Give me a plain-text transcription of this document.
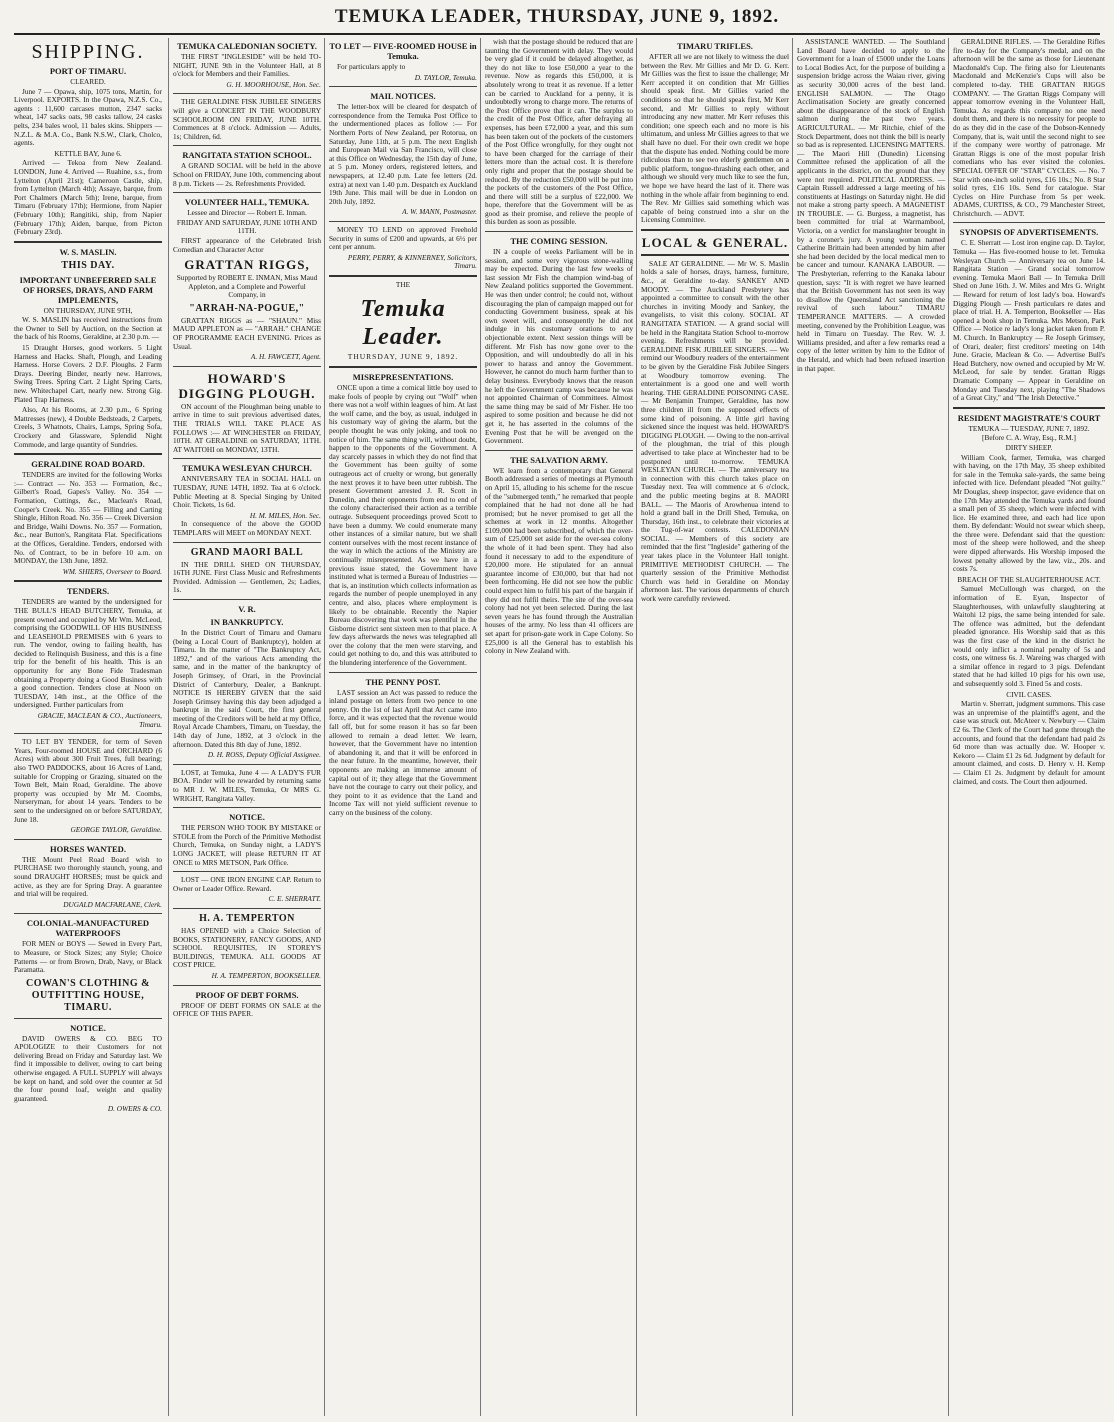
TEMUKA LEADER, THURSDAY, JUNE 9, 1892.
SHIPPING.
PORT OF TIMARU.
CLEARED.

June 7 — Opawa, ship, 1075 tons, Martin, for Liverpool. EXPORTS. In the Opawa, N.Z.S. Co., agents : 11,600 carcases mutton, 2347 sacks wheat, 147 sacks oats, 98 casks tallow, 24 casks pelts, 234 bales wool, 11 bales skins. Shippers — N.Z.L. & M.A. Co., Bank N.S.W., Clark, Cholco, agents.

KETTLE BAY, June 6.

Arrived — Tekoa from New Zealand. LONDON, June 4. Arrived — Ruahine, s.s., from Lyttelton (April 21st); Cameroon Castle, ship, from Lyttelton (March 4th); Assaye, barque, from Port Chalmers (March 5th); Irene, barque, from Timaru (February 17th); Hermione, from Napier (February 10th); Rangitiki, ship, from Napier (February 17th); Aiden, barque, from Picton (February 23rd).

W. S. MASLIN.
THIS DAY.
IMPORTANT UNBEFERRED SALE OF HORSES, DRAYS, AND FARM IMPLEMENTS,
ON THURSDAY, JUNE 9TH,

W. S. MASLIN has received instructions from the Owner to Sell by Auction, on the Section at the back of his Rooms, Geraldine, at 2.30 p.m. —

15 Draught Horses, good workers. 5 Light Harness and Hacks. Shaft, Plough, and Leading Harness. Horse Covers. 2 D.F. Ploughs. 2 Farm Drays. Deering Binder, nearly new. Harrows, Swing Trees. Spring Cart. 2 Light Spring Carts, new. Whitechapel Cart, nearly new. Strong Gig. Plated Trap Harness.

Also, At his Rooms, at 2.30 p.m., 6 Spring Mattresses (new), 4 Double Bedsteads, 2 Carpets, Creels, 3 Whatnots, Chairs, Lamps, Spring Sofa, Crockery and Glassware, Splendid Night Commode, and large quantity of Sundries.

GERALDINE ROAD BOARD.

TENDERS are invited for the following Works :— Contract — No. 353 — Formation, &c., Gilbert's Road, Gapes's Valley. No. 354 — Formation, Cuttings, &c., Maclean's Road, Cooper's Creek. No. 355 — Filling and Carting Shingle, Hilton Road. No. 356 — Creek Diversion and Bridge, Waihi Downs. No. 357 — Formation, &c., near Button's, Rangitata Flat. Specifications at the Offices, Geraldine. Tenders, endorsed with No. of Contract, to be in before 10 a.m. on MONDAY, the 13th June, 1892.

WM. SHIERS, Overseer to Board.
TENDERS.

TENDERS are wanted by the undersigned for THE BULL'S HEAD BUTCHERY, Temuka, at present owned and occupied by Mr Wm. McLeod, comprising the GOODWILL OF HIS BUSINESS and LEASEHOLD PREMISES with 6 years to run. The vendor, owing to failing health, has decided to Relinquish Business, and this is a fine trip for the benefit of his health. This is an opportunity for any Bone Fide Tradesman obtaining a Property doing a Good Business with a good connection. Tenders close at Noon on TUESDAY, 14th inst., at the Office of the undersigned. Further particulars from

GRACIE, MACLEAN & CO., Auctioneers, Timaru.

TO LET BY TENDER, for term of Seven Years, Four-roomed HOUSE and ORCHARD (6 Acres) with about 300 Fruit Trees, full bearing; also TWO PADDOCKS, about 16 Acres of Land, suitable for Cropping or Grazing, situated on the Town Belt, Main Road, Geraldine. The above property was occupied by Mr M. Coombs, Nurseryman, for about 14 years. Tenders to be sent to the undersigned on or before SATURDAY, June 18.

GEORGE TAYLOR, Geraldine.
HORSES WANTED.

THE Mount Peel Road Board wish to PURCHASE two thoroughly staunch, young, and sound DRAUGHT HORSES; must be quick and active, as they are for Spring Dray. A guarantee and trial will be required.

DUGALD MACFARLANE, Clerk.
COLONIAL-MANUFACTURED WATERPROOFS

FOR MEN or BOYS — Sewed in Every Part, to Measure, or Stock Sizes; any Style; Choice Patterns — or from Brown, Drab, Navy, or Black Paramatta.

COWAN'S CLOTHING & OUTFITTING HOUSE, TIMARU.
NOTICE.

DAVID OWERS & CO. BEG TO APOLOGIZE to their Customers for not delivering Bread on Friday and Saturday last. We find it impossible to deliver, owing to cart being otherwise engaged. A FULL SUPPLY will always be kept on hand, and sold over the counter at 5d the four pound loaf, weight and quality guaranteed.

D. OWERS & CO.
TEMUKA CALEDONIAN SOCIETY.

THE FIRST "INGLESIDE" will be held TO-NIGHT, JUNE 9th in the Volunteer Hall, at 8 o'clock for Members and their Families.

G. H. MOORHOUSE, Hon. Sec.

THE GERALDINE FISK JUBILEE SINGERS will give a CONCERT IN THE WOODBURY SCHOOLROOM ON FRIDAY, JUNE 10TH. Commences at 8 o'clock. Admission — Adults, 1s; Children, 6d.

RANGITATA STATION SCHOOL.

A GRAND SOCIAL will be held in the above School on FRIDAY, June 10th, commencing about 8 p.m. Tickets — 2s. Refreshments Provided.

VOLUNTEER HALL, TEMUKA.
Lessee and Director — Robert E. Inman.
FRIDAY AND SATURDAY, JUNE 10TH AND 11TH.

FIRST appearance of the Celebrated Irish Comedian and Character Actor

GRATTAN RIGGS,
Supported by ROBERT E. INMAN, Miss Maud Appleton, and a Complete and Powerful Company, in
"ARRAH-NA-POGUE,"

GRATTAN RIGGS as — "SHAUN." Miss MAUD APPLETON as — "ARRAH." CHANGE OF PROGRAMME EACH EVENING. Prices as Usual.

A. H. FAWCETT, Agent.
HOWARD'S DIGGING PLOUGH.

ON account of the Ploughman being unable to arrive in time to suit previous advertised dates, THE TRIALS WILL TAKE PLACE AS FOLLOWS :— AT WINCHESTER on FRIDAY, 10TH. AT GERALDINE on SATURDAY, 11TH. AT WAITOHI on MONDAY, 13TH.

TEMUKA WESLEYAN CHURCH.

ANNIVERSARY TEA in SOCIAL HALL on TUESDAY, JUNE 14TH, 1892. Tea at 6 o'clock. Public Meeting at 8. Special Singing by United Choir. Tickets, 1s 6d.

H. M. MILES, Hon. Sec.

In consequence of the above the GOOD TEMPLARS will MEET on MONDAY NEXT.

GRAND MAORI BALL

IN THE DRILL SHED ON THURSDAY, 16TH JUNE. First Class Music and Refreshments Provided. Admission — Gentlemen, 2s; Ladies, 1s.

V. R.
IN BANKRUPTCY.

In the District Court of Timaru and Oamaru (being a Local Court of Bankruptcy), holden at Timaru. In the matter of "The Bankruptcy Act, 1892," and of the various Acts amending the same, and in the matter of the bankruptcy of Joseph Grimsey, of Orari, in the Provincial District of Canterbury, Dealer, a Bankrupt. NOTICE IS HEREBY GIVEN that the said Joseph Grimsey having this day been adjudged a bankrupt in the said Court, the first general meeting of the Creditors will be held at my Office, Royal Arcade Chambers, Timaru, on Tuesday, the 14th day of June, 1892, at 3 o'clock in the afternoon. Dated this 8th day of June, 1892.

D. H. ROSS, Deputy Official Assignee.

LOST, at Temuka, June 4 — A LADY'S FUR BOA. Finder will be rewarded by returning same to MR J. W. MILES, Temuka, Or MRS G. WRIGHT, Rangitata Valley.

NOTICE.

THE PERSON WHO TOOK BY MISTAKE or STOLE from the Porch of the Primitive Methodist Church, Temuka, on Sunday night, a LADY'S LONG JACKET, will please RETURN IT AT ONCE to MRS METSON, Park Office.

LOST — ONE IRON ENGINE CAP. Return to Owner or Leader Office. Reward.

C. E. SHERRATT.
H. A. TEMPERTON

HAS OPENED with a Choice Selection of BOOKS, STATIONERY, FANCY GOODS, AND SCHOOL REQUISITES, IN STOREY'S BUILDINGS, TEMUKA. ALL GOODS AT COST PRICE.

H. A. TEMPERTON, BOOKSELLER.
PROOF OF DEBT FORMS.

PROOF OF DEBT FORMS ON SALE at the OFFICE OF THIS PAPER.

TO LET — FIVE-ROOMED HOUSE in Temuka.

For particulars apply to

D. TAYLOR, Temuka.
MAIL NOTICES.

The letter-box will be cleared for despatch of correspondence from the Temuka Post Office to the undermentioned places as follow :— For Northern Ports of New Zealand, per Rotorua, on Saturday, June 11th, at 5 p.m. The next English and European Mail via San Francisco, will close at this Office on Wednesday, the 15th day of June, at 5 p.m. Money orders, registered letters, and newspapers, at 12.40 p.m. Late fee letters (2d. extra) at next van 1.40 p.m. Despatch ex Auckland 19th June. This mail will be due in London on 20th July, 1892.

A. W. MANN, Postmaster.

MONEY TO LEND on approved Freehold Security in sums of £200 and upwards, at 6½ per cent per annum.

PERRY, PERRY, & KINNERNEY, Solicitors, Timaru.
THE
Temuka Leader.
THURSDAY, JUNE 9, 1892.
MISREPRESENTATIONS.

ONCE upon a time a comical little boy used to make fools of people by crying out "Wolf" when there was not a wolf within leagues of him. At last the wolf came, and the boy, as usual, indulged in his customary way of giving the alarm, but the people thought he was only joking, and took no notice of him. The same thing will, without doubt, happen to the opponents of the Government. A day scarcely passes in which they do not find that the Government has been guilty of some outrageous act of cruelty or wrong, but generally the next proves it to have been utter rubbish. The present Government arrested J. R. Scott in Dunedin, and their opponents from end to end of the colony characterised their action as a terrible outrage. Subsequent proceedings proved Scott to have been a dummy. We could enumerate many other instances of a similar nature, but we shall content ourselves with the most recent instance of the way in which the actions of the Ministry are continually misrepresented. As we have in a previous issue stated, the Government have instituted what is termed a Bureau of Industries — that is, an institution which collects information as regards the number of people unemployed in any centre, and also, places where employment is likely to be obtainable. Recently the Napier Bureau discovering that work was plentiful in the Gisborne district sent sixteen men to that place. A few days afterwards the news was telegraphed all over the colony that the men were starving, and could get nothing to do, and this was attributed to the blundering interference of the Government.

THE PENNY POST.

LAST session an Act was passed to reduce the inland postage on letters from two pence to one penny. On the 1st of last April that Act came into force, and it was expected that the revenue would fall off, but for some reason it has so far been allowed to remain a dead letter. We learn, however, that the Government have no intention of abandoning it, and that it will be enforced in the near future. In the meantime, however, their opponents are making an immense amount of capital out of it; they allege that the Government have not the courage to carry out their policy, and they point to it as evidence that the Land and Income Tax will not yield sufficient revenue to carry on the business of the colony.

wish that the postage should be reduced that are taunting the Government with delay. They would be very glad if it could be delayed altogether, as they do not like to lose £50,000 a year to the revenue. Now as regards this £50,000, it is absolutely wrong to treat it as revenue. If a letter can be carried to Auckland for a penny, it is undoubtedly wrong to charge more. The returns of the Post Office prove that it can. The surplus to the credit of the Post Office, after defraying all expenses, has been £72,000 a year, and this sum has been taken out of the pockets of the customers of the Post Office wrongfully, for they ought not to have been charged for the carriage of their letters more than the actual cost. It is therefore only right and proper that the postage should be reduced. By the reduction £50,000 will be put into the pockets of the customers of the Post Office, and there will still be a surplus of £22,000. We hope, therefore that the Government will be as good as their promise, and relieve the people of this burden as soon as possible.

THE COMING SESSION.

IN a couple of weeks Parliament will be in session, and some very vigorous stone-walling may be expected. During the last few weeks of last session Mr Fish the champion wind-bag of New Zealand politics supported the Government. He was then under control; he could not, without discouraging the plan of campaign mapped out for conducting Government business, speak at his own sweet will, and consequently he did not indulge in his customary orations to any objectionable extent. Next session things will be different. Mr Fish has now gone over to the Opposition, and will undoubtedly do all in his power to harass and annoy the Government. However, he cannot do much harm further than to delay business. Everybody knows that the reason he left the Government camp was because he was not appointed Chairman of Committees. Almost the same thing may be said of Mr Fisher. He too aspired to some position and because he did not get it, he has asserted in the columns of the Evening Post that he will be avenged on the Government.

THE SALVATION ARMY.

WE learn from a contemporary that General Booth addressed a series of meetings at Plymouth on April 15, alluding to his scheme for the rescue of the "submerged tenth," he remarked that people complained that he had not done all he had promised; but he never promised to get all the schemes at work in 12 months. Altogether £109,000 had been subscribed, of which the over-sum of £25,000 set aside for the over-sea colony the whole of it had been spent. They had also found it necessary to add to the expenditure of £20,000 more. He stipulated for an annual guarantee income of £30,000, but that had not been forthcoming. He did not see how the public could expect him to fulfil his part of the bargain if they did not fulfil theirs. The site of the over-sea colony had not yet been selected. During the last seven years he has found through the Australian houses of the army. No less than 41 officers are set apart for prison-gate work in Cape Colony. So £25,000 is all the General has to establish his colony in New Zealand with.

TIMARU TRIFLES.

AFTER all we are not likely to witness the duel between the Rev. Mr Gillies and Mr D. G. Kerr. Mr Gillies was the first to issue the challenge; Mr Kerr accepted it on condition that Mr Gillies should speak first. Mr Gillies varied the conditions so that he should speak first, Mr Kerr second, and Mr Gillies to reply without introducing any new matter. Mr Kerr refuses this condition; one speech each and no more is his ultimatum, and unless Mr Gillies agrees to that we shall have no duel. For their own credit we hope that the dispute has ended. Nothing could be more ridiculous than to see two elderly gentlemen on a public platform, tongue-thrashing each other, and although we should very much like to see the fun, we hope we have heard the last of it. There was nothing in the whole affair from beginning to end. The Rev. Mr Gillies said something which was capable of being construed into a slur on the Licensing Committee.

LOCAL & GENERAL.

SALE AT GERALDINE. — Mr W. S. Maslin holds a sale of horses, drays, harness, furniture, &c., at Geraldine to-day. SANKEY AND MOODY. — The Auckland Presbytery has appointed a committee to consult with the other churches in inviting Moody and Sankey, the evangelists, to visit this colony. SOCIAL AT RANGITATA STATION. — A grand social will be held in the Rangitata Station School to-morrow evening. Refreshments will be provided. GERALDINE FISK JUBILEE SINGERS. — We remind our Woodbury readers of the entertainment to be given by the Geraldine Fisk Jubilee Singers at Woodbury tomorrow evening. The entertainment is a good one and well worth hearing. THE GERALDINE POISONING CASE. — Mr Benjamin Trumper, Geraldine, has now three children ill from the supposed effects of some kind of poisoning. A little girl having sickened since the inquest was held. HOWARD'S DIGGING PLOUGH. — Owing to the non-arrival of the ploughman, the trial of this plough advertised to take place at Winchester had to be postponed until to-morrow. TEMUKA WESLEYAN CHURCH. — The anniversary tea in connection with this church takes place on Tuesday next. Tea will commence at 6 o'clock, and the public meeting begins at 8. MAORI BALL. — The Maoris of Arowhenua intend to hold a grand ball in the Drill Shed, Temuka, on Thursday, 16th inst., to celebrate their victories at the Tug-of-war contests. CALEDONIAN SOCIAL. — Members of this society are reminded that the first "Ingleside" gathering of the year takes place in the Volunteer Hall tonight. PRIMITIVE METHODIST CHURCH. — The quarterly session of the Primitive Methodist Church was held in Geraldine on Monday afternoon last. The various departments of church work were carefully reviewed.

ASSISTANCE WANTED. — The Southland Land Board have decided to apply to the Government for a loan of £5000 under the Loans to Local Bodies Act, for the purpose of building a suspension bridge across the Waiau river, giving as security 30,000 acres of the best land. ENGLISH SALMON. — The Otago Acclimatisation Society are greatly concerned about the disappearance of the stock of English salmon during the past two years. AGRICULTURAL. — Mr Ritchie, chief of the Stock Department, does not think the bill is nearly so bad as is represented. LICENSING MATTERS. — The Maori Hill (Dunedin) Licensing Committee refused the application of all the applicants in the district, on the ground that they were not required. POLITICAL ADDRESS. — Captain Russell addressed a large meeting of his constituents at Hastings on Saturday night. He did not make a strong party speech. A MAGNETIST IN TROUBLE. — G. Burgess, a magnetist, has been committed for trial at Warrnambool, Victoria, on a verdict for manslaughter brought in by a coroner's jury. A young woman named Catherine Brittain had been attended by him after she had been decided by the local medical men to be cancer and tumour. KANAKA LABOUR. — The Presbyterian, referring to the Kanaka labour question, says: "It is with regret we have learned that the British Government has not seen its way to disallow the Queensland Act sanctioning the revival of such labour." TIMARU TEMPERANCE MATTERS. — A crowded meeting, convened by the Prohibition League, was held in Timaru on Tuesday. The Rev. W. J. Williams presided, and after a few remarks read a copy of the letter written by him to the Editor of the Herald, and which had been refused insertion in that paper.

GERALDINE RIFLES. — The Geraldine Rifles fire to-day for the Company's medal, and on the afternoon will be the same as those for Lieutenant Macdonald's Cup. The firing also for Lieutenants Macdonald and McKenzie's Cups will also be completed to-day. THE GRATTAN RIGGS COMPANY. — The Grattan Riggs Company will appear tomorrow evening in the Volunteer Hall, Temuka. As regards this company no one need doubt them, and there is no necessity for people to do as they did in the case of the Dobson-Kennedy Company, that is, wait until the second night to see if the company were worthy of patronage. Mr Grattan Riggs is one of the most popular Irish comedians who has ever visited the colonies. SPECIAL OFFER OF "STAR" CYCLES. — No. 7 Star with one-inch solid tyres, £16 10s.; No. 8 Star solid tyres, £16 10s. Send for catalogue. Star Cycles on Hire Purchase from 5s per week. ADAMS, CURTISS, & CO., 79 Manchester Street, Christchurch. — ADVT.

SYNOPSIS OF ADVERTISEMENTS.

C. E. Sherratt — Lost iron engine cap. D. Taylor, Temuka — Has five-roomed house to let. Temuka Wesleyan Church — Anniversary tea on June 14. Rangitata Station — Grand social tomorrow evening. Temuka Maori Ball — In Temuka Drill Shed on June 16th. J. W. Miles and Mrs G. Wright — Reward for return of lost lady's boa. Howard's Digging Plough — Fresh particulars re dates and place of trial. H. A. Temperton, Bookseller — Has opened a book shop in Temuka. Mrs Metson, Park Office — Notice re lady's long jacket taken from P. M. Church. In Bankruptcy — Re Joseph Grimsey, of Orari, dealer; first creditors' meeting on 14th June. Gracie, Maclean & Co. — Advertise Bull's Head Butchery, now owned and occupied by Mr W. McLeod, for sale by tender. Grattan Riggs Dramatic Company — Appear in Geraldine on Monday and Tuesday next, playing "The Shadows of a Great City," and "The Irish Detective."

RESIDENT MAGISTRATE'S COURT
TEMUKA — TUESDAY, JUNE 7, 1892.
[Before C. A. Wray, Esq., R.M.]
DIRTY SHEEP.

William Cook, farmer, Temuka, was charged with having, on the 17th May, 35 sheep exhibited for sale in the Temuka sale-yards, the same being infected with lice. Defendant pleaded "Not guilty." Mr Douglas, sheep inspector, gave evidence that on the 17th May attended the Temuka yards and found a small pen of 35 sheep, which were infected with lice. He examined three, and each had lice upon them. By defendant: Would not swear which sheep, the three were. Defendant said that the question: most of the sheep were hollowed, and the sheep were dipped afterwards. His Worship imposed the lowest penalty allowed by the law, viz., 20s. and costs 7s.

BREACH OF THE SLAUGHTERHOUSE ACT.

Samuel McCullough was charged, on the information of E. Eyan, Inspector of Slaughterhouses, with unlawfully slaughtering at Waitohi 12 pigs, the same being intended for sale. The offence was admitted, but the defendant pleaded ignorance. His Worship said that as this was the first case of the kind in the district he would only inflict a nominal penalty of 5s and costs, one witness 6s. J. Wareing was charged with a similar offence in regard to 3 pigs. Defendant stated that he had killed 10 pigs for his own use, and subsequently sold 3. Fined 5s and costs.

CIVIL CASES.

Martin v. Sherratt, judgment summons. This case was an unpremise of the plaintiff's agent, and the case was struck out. McAteer v. Newbury — Claim £2 6s. The Clerk of the Court had gone through the accounts, and found that the defendant had paid 2s 6d more than was actually due. W. Hooper v. Kekoro — Claim £1 2s 6d. Judgment by default for amount claimed, and costs. D. Henry v. H. Kemp — Claim £1 2s. Judgment by default for amount claimed, and costs. The Court then adjourned.
